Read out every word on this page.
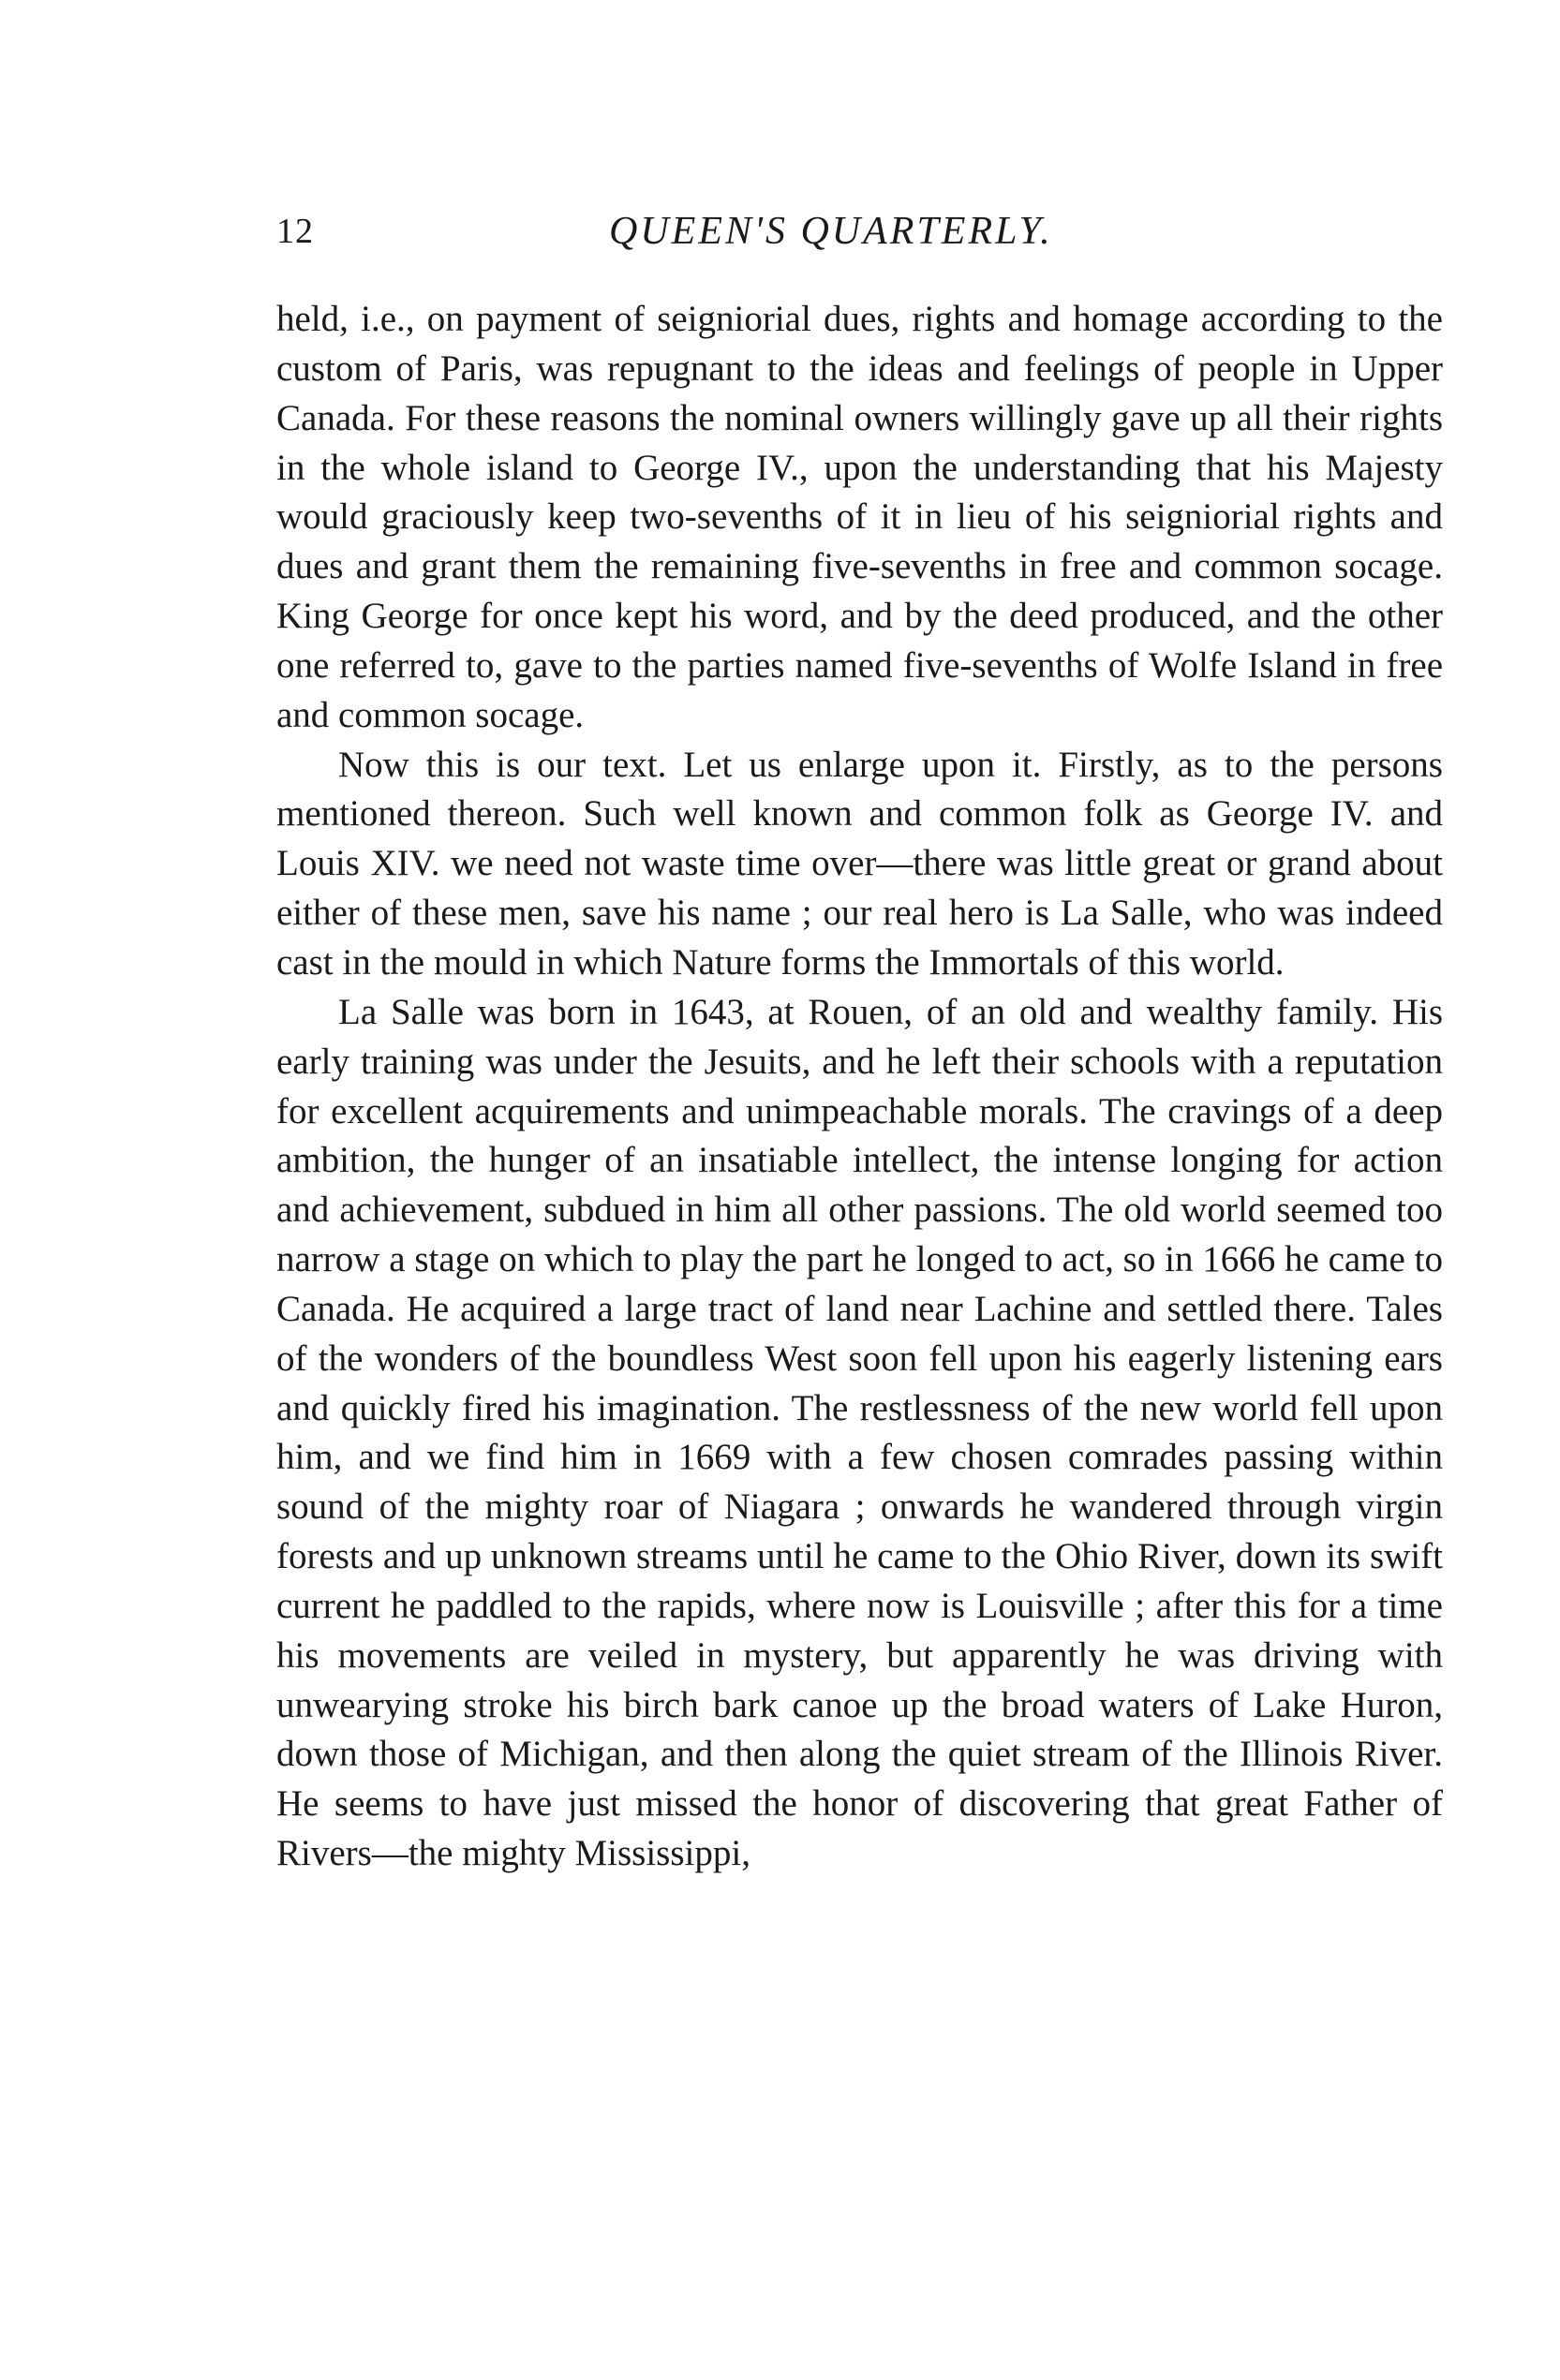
12	QUEEN'S QUARTERLY.

held, i.e., on payment of seigniorial dues, rights and homage according to the custom of Paris, was repugnant to the ideas and feelings of people in Upper Canada. For these reasons the nominal owners willingly gave up all their rights in the whole island to George IV., upon the understanding that his Majesty would graciously keep two-sevenths of it in lieu of his seigniorial rights and dues and grant them the remaining five-sevenths in free and common socage. King George for once kept his word, and by the deed produced, and the other one referred to, gave to the parties named five-sevenths of Wolfe Island in free and common socage.

Now this is our text. Let us enlarge upon it. Firstly, as to the persons mentioned thereon. Such well known and common folk as George IV. and Louis XIV. we need not waste time over—there was little great or grand about either of these men, save his name ; our real hero is La Salle, who was indeed cast in the mould in which Nature forms the Immortals of this world.

La Salle was born in 1643, at Rouen, of an old and wealthy family. His early training was under the Jesuits, and he left their schools with a reputation for excellent acquirements and unimpeachable morals. The cravings of a deep ambition, the hunger of an insatiable intellect, the intense longing for action and achievement, subdued in him all other passions. The old world seemed too narrow a stage on which to play the part he longed to act, so in 1666 he came to Canada. He acquired a large tract of land near Lachine and settled there. Tales of the wonders of the boundless West soon fell upon his eagerly listening ears and quickly fired his imagination. The restlessness of the new world fell upon him, and we find him in 1669 with a few chosen comrades passing within sound of the mighty roar of Niagara ; onwards he wandered through virgin forests and up unknown streams until he came to the Ohio River, down its swift current he paddled to the rapids, where now is Louisville ; after this for a time his movements are veiled in mystery, but apparently he was driving with unwearying stroke his birch bark canoe up the broad waters of Lake Huron, down those of Michigan, and then along the quiet stream of the Illinois River. He seems to have just missed the honor of discovering that great Father of Rivers—the mighty Mississippi,
